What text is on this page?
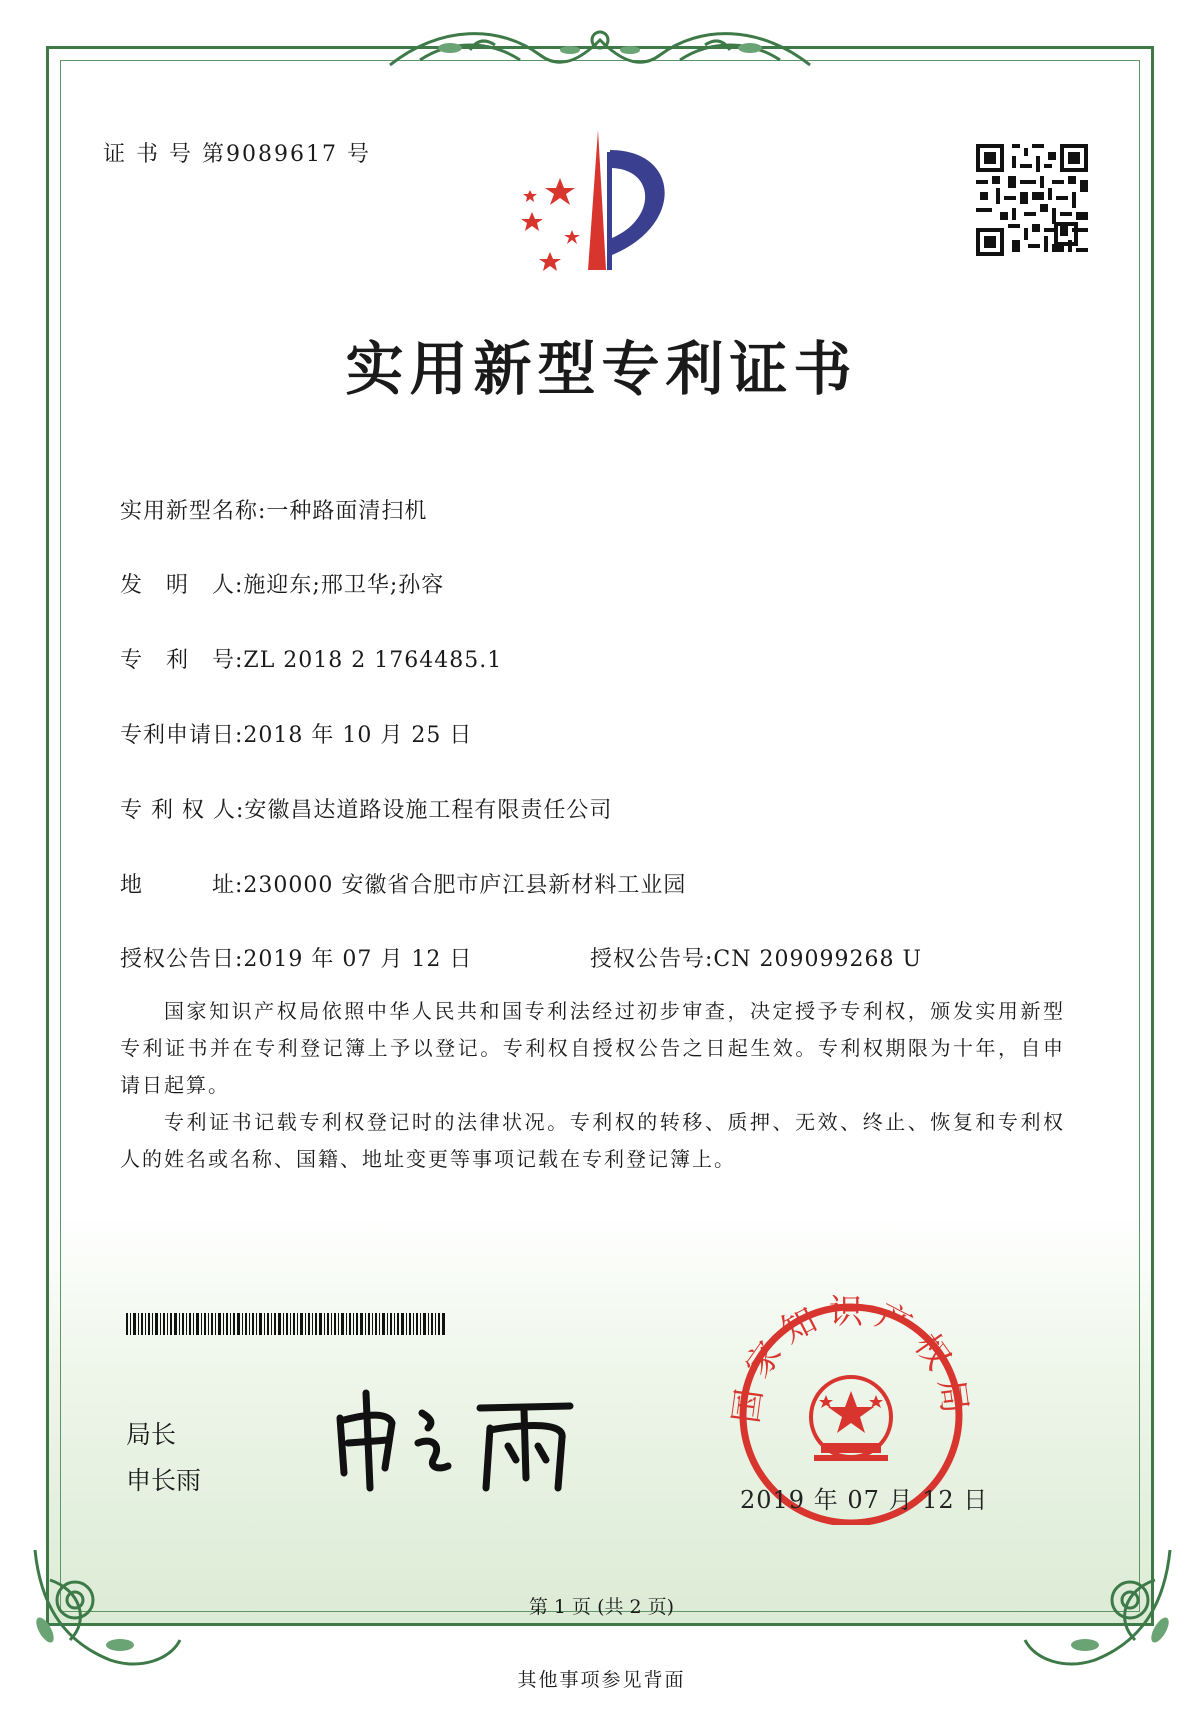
证 书 号 第9089617 号
实用新型专利证书
实用新型名称:一种路面清扫机
发　明　人:施迎东;邢卫华;孙容
专　利　号:ZL 2018 2 1764485.1
专利申请日:2018 年 10 月 25 日
专 利 权 人:安徽昌达道路设施工程有限责任公司
地　　　址:230000 安徽省合肥市庐江县新材料工业园
授权公告日:2019 年 07 月 12 日	授权公告号:CN 209099268 U
国家知识产权局依照中华人民共和国专利法经过初步审查，决定授予专利权，颁发实用新型专利证书并在专利登记簿上予以登记。专利权自授权公告之日起生效。专利权期限为十年，自申请日起算。
专利证书记载专利权登记时的法律状况。专利权的转移、质押、无效、终止、恢复和专利权人的姓名或名称、国籍、地址变更等事项记载在专利登记簿上。
局长
申长雨
国家知识产权局
2019 年 07 月 12 日
第 1 页 (共 2 页)
其他事项参见背面
